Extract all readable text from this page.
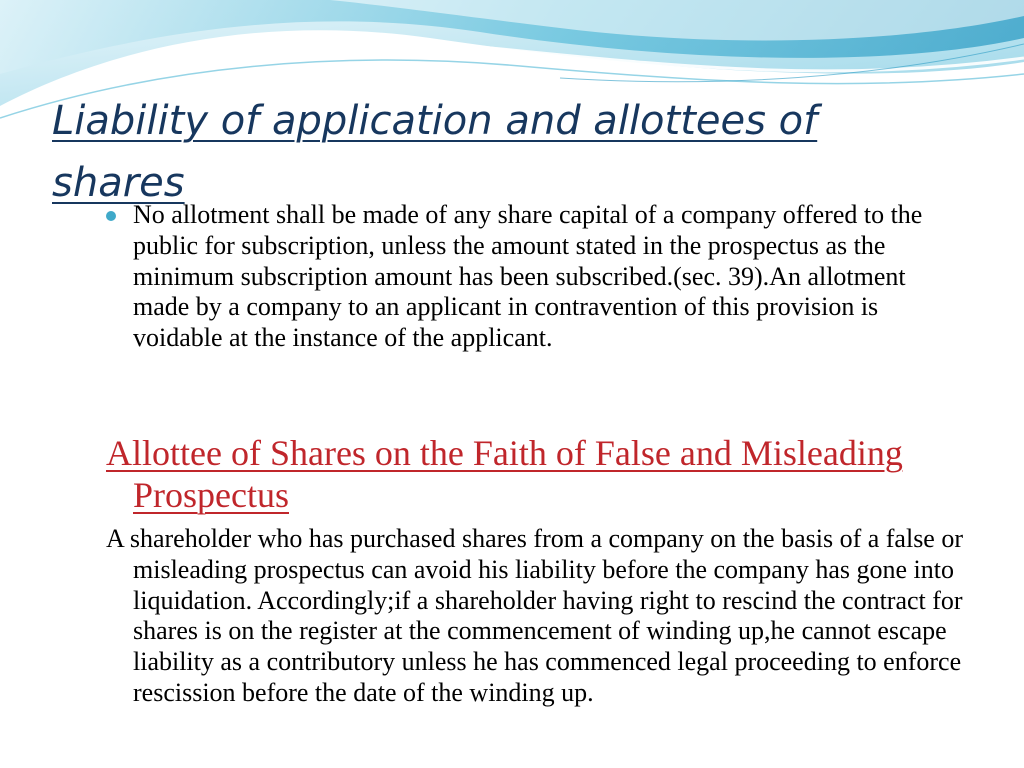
Liability of application and allottees of shares

No allotment shall be made of any share capital of a company offered to the public for subscription, unless the amount stated in the prospectus as the minimum subscription amount has been subscribed.(sec. 39).An allotment made by a company to an applicant in contravention of this provision is voidable at the instance of the applicant.

Allottee of Shares on the Faith of False and Misleading Prospectus

A shareholder who has purchased shares from a company on the basis of a false or misleading prospectus can avoid his liability before the company has gone into liquidation. Accordingly;if a shareholder having right to rescind the contract for shares is on the register at the commencement of winding up,he cannot escape liability as a contributory unless he has commenced legal proceeding to enforce rescission before the date of the winding up.
